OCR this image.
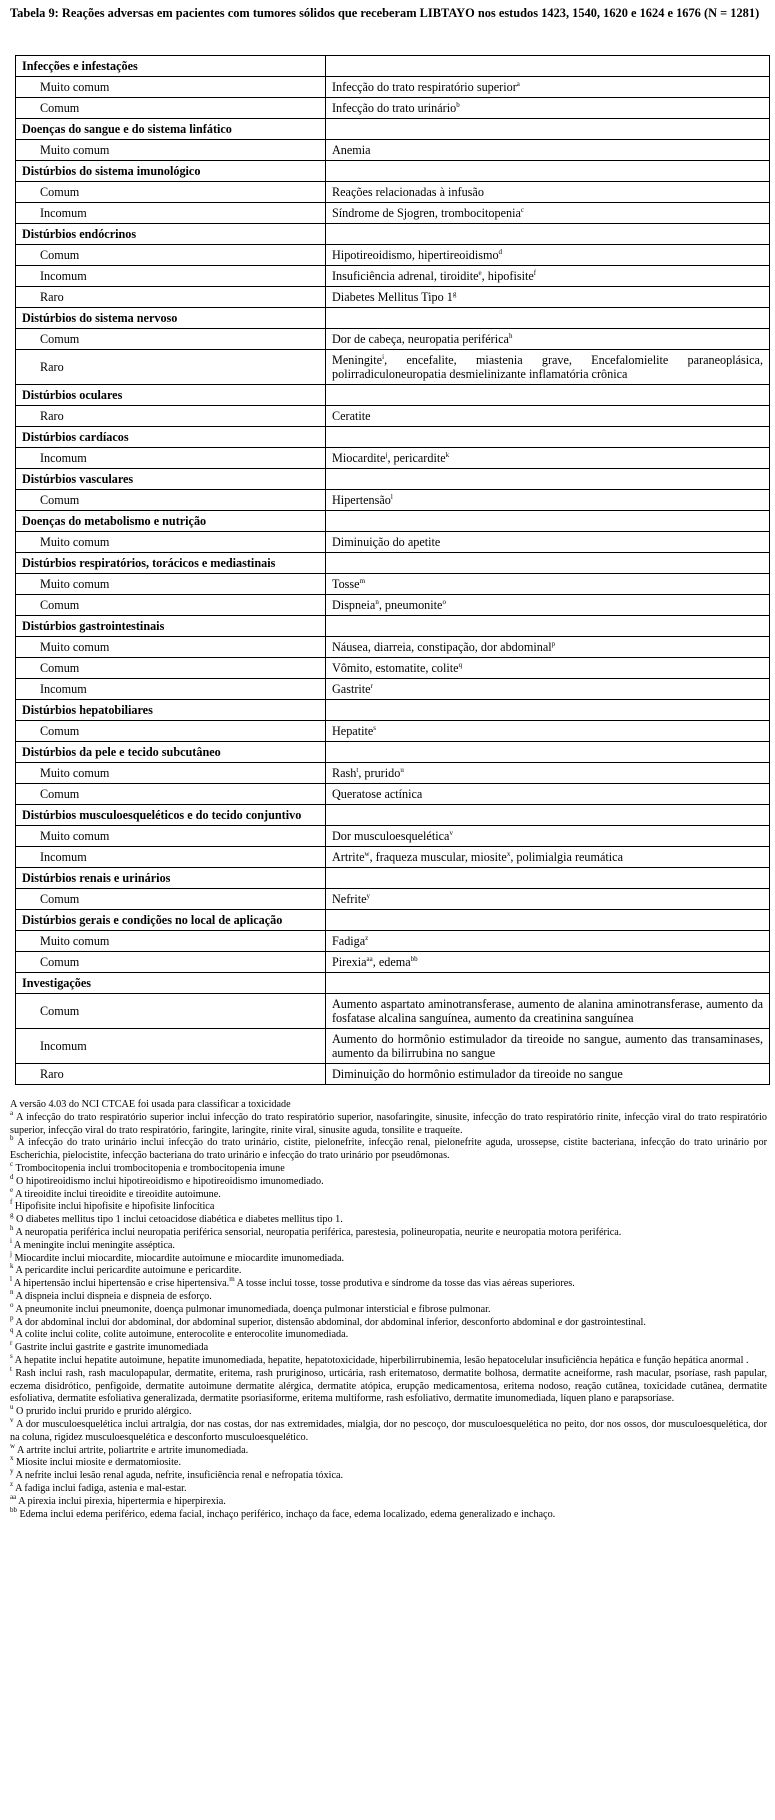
Tabela 9: Reações adversas em pacientes com tumores sólidos que receberam LIBTAYO nos estudos 1423, 1540, 1620 e 1624 e 1676 (N = 1281)

Infecções e infestações	
Muito comum	Infecção do trato respiratório superior$^a$
Comum	Infecção do trato urinário$^b$
Doenças do sangue e do sistema linfático	
Muito comum	Anemia
Distúrbios do sistema imunológico	
Comum	Reações relacionadas à infusão
Incomum	Síndrome de Sjogren, trombocitopenia$^c$
Distúrbios endócrinos	
Comum	Hipotireoidismo, hipertireoidismo$^d$
Incomum	Insuficiência adrenal, tiroidite$^e$, hipofisite$^f$
Raro	Diabetes Mellitus Tipo 1$^g$
Distúrbios do sistema nervoso	
Comum	Dor de cabeça, neuropatia periférica$^h$
Raro	Meningite$^i$, encefalite, miastenia grave, Encefalomielite paraneoplásica, polirradiculoneuropatia desmielinizante inflamatória crônica
Distúrbios oculares	
Raro	Ceratite
Distúrbios cardíacos	
Incomum	Miocardite$^j$, pericardite$^k$
Distúrbios vasculares	
Comum	Hipertensão$^l$
Doenças do metabolismo e nutrição	
Muito comum	Diminuição do apetite
Distúrbios respiratórios, torácicos e mediastinais	
Muito comum	Tosse$^m$
Comum	Dispneia$^n$, pneumonite$^o$
Distúrbios gastrointestinais	
Muito comum	Náusea, diarreia, constipação, dor abdominal$^p$
Comum	Vômito, estomatite, colite$^q$
Incomum	Gastrite$^r$
Distúrbios hepatobiliares	
Comum	Hepatite$^s$
Distúrbios da pele e tecido subcutâneo	
Muito comum	Rash$^t$, prurido$^u$
Comum	Queratose actínica
Distúrbios musculoesqueléticos e do tecido conjuntivo	
Muito comum	Dor musculoesquelética$^v$
Incomum	Artrite$^w$, fraqueza muscular, miosite$^x$, polimialgia reumática
Distúrbios renais e urinários	
Comum	Nefrite$^y$
Distúrbios gerais e condições no local de aplicação	
Muito comum	Fadiga$^z$
Comum	Pirexia$^{aa}$, edema$^{bb}$
Investigações	
Comum	Aumento aspartato aminotransferase, aumento de alanina aminotransferase, aumento da fosfatase alcalina sanguínea, aumento da creatinina sanguínea
Incomum	Aumento do hormônio estimulador da tireoide no sangue, aumento das transaminases, aumento da bilirrubina no sangue
Raro	Diminuição do hormônio estimulador da tireoide no sangue

A versão 4.03 do NCI CTCAE foi usada para classificar a toxicidade

$^a$ A infecção do trato respiratório superior inclui infecção do trato respiratório superior, nasofaringite, sinusite, infecção do trato respiratório rinite, infecção viral do trato respiratório superior, infecção viral do trato respiratório, faringite, laringite, rinite viral, sinusite aguda, tonsilite e traqueíte.

$^b$ A infecção do trato urinário inclui infecção do trato urinário, cistite, pielonefrite, infecção renal, pielonefrite aguda, urossepse, cistite bacteriana, infecção do trato urinário por Escherichia, pielocistite, infecção bacteriana do trato urinário e infecção do trato urinário por pseudômonas.

$^c$ Trombocitopenia inclui trombocitopenia e trombocitopenia imune

$^d$ O hipotireoidismo inclui hipotireoidismo e hipotireoidismo imunomediado.

$^e$ A tireoidite inclui tireoidite e tireoidite autoimune.

$^f$ Hipofisite inclui hipofisite e hipofisite linfocítica

$^g$ O diabetes mellitus tipo 1 inclui cetoacidose diabética e diabetes mellitus tipo 1.

$^h$ A neuropatia periférica inclui neuropatia periférica sensorial, neuropatia periférica, parestesia, polineuropatia, neurite e neuropatia motora periférica.

$^i$ A meningite inclui meningite asséptica.

$^j$ Miocardite inclui miocardite, miocardite autoimune e miocardite imunomediada.

$^k$ A pericardite inclui pericardite autoimune e pericardite.

$^l$ A hipertensão inclui hipertensão e crise hipertensiva.$^m$ A tosse inclui tosse, tosse produtiva e síndrome da tosse das vias aéreas superiores.

$^n$ A dispneia inclui dispneia e dispneia de esforço.

$^o$ A pneumonite inclui pneumonite, doença pulmonar imunomediada, doença pulmonar intersticial e fibrose pulmonar.

$^p$ A dor abdominal inclui dor abdominal, dor abdominal superior, distensão abdominal, dor abdominal inferior, desconforto abdominal e dor gastrointestinal.

$^q$ A colite inclui colite, colite autoimune, enterocolite e enterocolite imunomediada.

$^r$ Gastrite inclui gastrite e gastrite imunomediada

$^s$ A hepatite inclui hepatite autoimune, hepatite imunomediada, hepatite, hepatotoxicidade, hiperbilirrubinemia, lesão hepatocelular insuficiência hepática e função hepática anormal .

$^t$ Rash inclui rash, rash maculopapular, dermatite, eritema, rash pruriginoso, urticária, rash eritematoso, dermatite bolhosa, dermatite acneiforme, rash macular, psoríase, rash papular, eczema disidrótico, penfigoide, dermatite autoimune dermatite alérgica, dermatite atópica, erupção medicamentosa, eritema nodoso, reação cutânea, toxicidade cutânea, dermatite esfoliativa, dermatite esfoliativa generalizada, dermatite psoriasiforme, eritema multiforme, rash esfoliativo, dermatite imunomediada, líquen plano e parapsoríase.

$^u$ O prurido inclui prurido e prurido alérgico.

$^v$ A dor musculoesquelética inclui artralgia, dor nas costas, dor nas extremidades, mialgia, dor no pescoço, dor musculoesquelética no peito, dor nos ossos, dor musculoesquelética, dor na coluna, rigidez musculoesquelética e desconforto musculoesquelético.

$^w$ A artrite inclui artrite, poliartrite e artrite imunomediada.

$^x$ Miosite inclui miosite e dermatomiosite.

$^y$ A nefrite inclui lesão renal aguda, nefrite, insuficiência renal e nefropatia tóxica.

$^z$ A fadiga inclui fadiga, astenia e mal-estar.

$^{aa}$ A pirexia inclui pirexia, hipertermia e hiperpirexia.

$^{bb}$ Edema inclui edema periférico, edema facial, inchaço periférico, inchaço da face, edema localizado, edema generalizado e inchaço.
